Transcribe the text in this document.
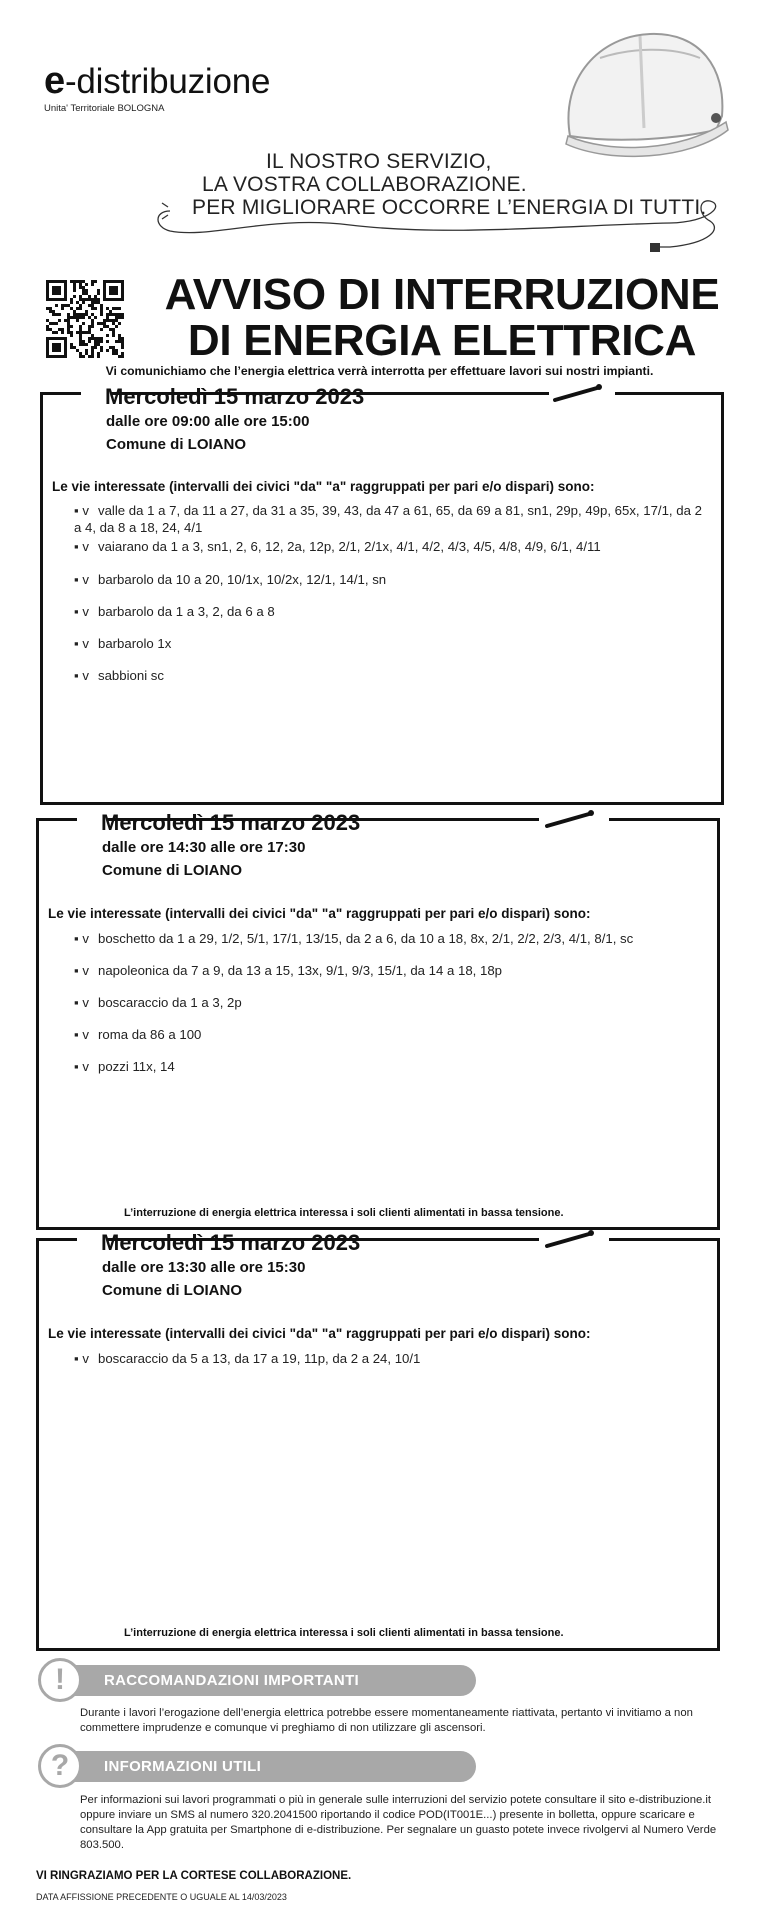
e-distribuzione
Unita' Territoriale BOLOGNA
IL NOSTRO SERVIZIO,
LA VOSTRA COLLABORAZIONE.
PER MIGLIORARE OCCORRE L’ENERGIA DI TUTTI.
AVVISO DI INTERRUZIONE
DI ENERGIA ELETTRICA
Vi comunichiamo che l’energia elettrica verrà interrotta per effettuare lavori sui nostri impianti.
Mercoledì 15 marzo 2023
dalle ore 09:00 alle ore 15:00
Comune di LOIANO
Le vie interessate (intervalli dei civici "da" "a" raggruppati per pari e/o dispari) sono:
▪ v valle da 1 a 7, da 11 a 27, da 31 a 35, 39, 43, da 47 a 61, 65, da 69 a 81, sn1, 29p, 49p, 65x, 17/1, da 2 a 4, da 8 a 18, 24, 4/1
▪ v vaiarano da 1 a 3, sn1, 2, 6, 12, 2a, 12p, 2/1, 2/1x, 4/1, 4/2, 4/3, 4/5, 4/8, 4/9, 6/1, 4/11
▪ v barbarolo da 10 a 20, 10/1x, 10/2x, 12/1, 14/1, sn
▪ v barbarolo da 1 a 3, 2, da 6 a 8
▪ v barbarolo 1x
▪ v sabbioni sc
Mercoledì 15 marzo 2023
dalle ore 14:30 alle ore 17:30
Comune di LOIANO
Le vie interessate (intervalli dei civici "da" "a" raggruppati per pari e/o dispari) sono:
▪ v boschetto da 1 a 29, 1/2, 5/1, 17/1, 13/15, da 2 a 6, da 10 a 18, 8x, 2/1, 2/2, 2/3, 4/1, 8/1, sc
▪ v napoleonica da 7 a 9, da 13 a 15, 13x, 9/1, 9/3, 15/1, da 14 a 18, 18p
▪ v boscaraccio da 1 a 3, 2p
▪ v roma da 86 a 100
▪ v pozzi 11x, 14
L’interruzione di energia elettrica interessa i soli clienti alimentati in bassa tensione.
Mercoledì 15 marzo 2023
dalle ore 13:30 alle ore 15:30
Comune di LOIANO
Le vie interessate (intervalli dei civici "da" "a" raggruppati per pari e/o dispari) sono:
▪ v boscaraccio da 5 a 13, da 17 a 19, 11p, da 2 a 24, 10/1
L’interruzione di energia elettrica interessa i soli clienti alimentati in bassa tensione.
RACCOMANDAZIONI IMPORTANTI
!
Durante i lavori l’erogazione dell’energia elettrica potrebbe essere momentaneamente riattivata, pertanto vi invitiamo a non commettere imprudenze e comunque vi preghiamo di non utilizzare gli ascensori.
INFORMAZIONI UTILI
?
Per informazioni sui lavori programmati o più in generale sulle interruzioni del servizio potete consultare il sito e-distribuzione.it oppure inviare un SMS al numero 320.2041500 riportando il codice POD(IT001E...) presente in bolletta, oppure scaricare e consultare la App gratuita per Smartphone di e-distribuzione. Per segnalare un guasto potete invece rivolgervi al Numero Verde 803.500.
VI RINGRAZIAMO PER LA CORTESE COLLABORAZIONE.
DATA AFFISSIONE PRECEDENTE O UGUALE AL 14/03/2023
